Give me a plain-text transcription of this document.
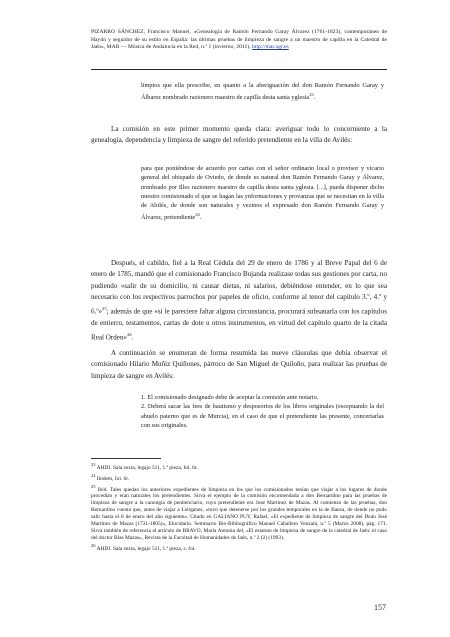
PIZARRO SÁNCHEZ, Francisco Manuel, «Genealogía de Ramón Fernando Garay Álvarez (1761-1823), contemporáneo de Haydn y seguidor de su estilo en España: las últimas pruebas de limpieza de sangre a un maestro de capilla en la Catedral de Jaén», MAR — Música de Andalucía en la Red, n.º 1 (invierno, 2011), http://mar.ugr.es
limpios que ella prescribe, en quanto a la aberiguación del don Ramón Fernando Garay y Álbarez nombrado razionero maestro de capilla desta santa yglesia$^{23}$.
La comisión en este primer momento queda clara: averiguar todo lo concerniente a la genealogía, dependencia y limpieza de sangre del referido pretendiente en la villa de Avilés:
para que poniéndose de acuerdo por cartas con el señor ordinario local o provisor y vicario general del obispado de Oviedo, de donde es natural don Ramón Fernando Garay y Álvarez, nombrado por Illes razionero maestro de capilla desta santa yglesia. [...], pueda disponer dicho nuestro comisionado el que se hagan las ynformaciones y provanzas que se necesitan en la villa de Abilés, de donde son naturales y vezinos el expresado don Ramón Fernando Garay y Álvarez, pretendiente$^{24}$.
Después, el cabildo, fiel a la Real Cédula del 29 de enero de 1786 y al Breve Papal del 6 de enero de 1785, mandó que el comisionado Francisco Bujanda realizase todas sus gestiones por carta, no pudiendo «salir de su domicilio, ni causar dietas, ni salarios, debiéndose entender, en lo que sea necesario con los respectivos parrochos por papeles de oficio, conforme al tenor del capítulo 3.º, 4.º y 6.º»$^{25}$; además de que «si le pareciere faltar alguna circunstancia, procurará subsanarla con los capítulos de entierro, testamentos, cartas de dote u otros instrumentos, en virtud del capítulo quarto de la citada Real Orden»$^{26}$.
A continuación se enumeran de forma resumida las nueve cláusulas que debía observar el comisionado Hilario Muñiz Quiñones, párroco de San Miguel de Quiloño, para realizar las pruebas de limpieza de sangre en Avilés:

1. El comisionado designado debe de aceptar la comisión ante notario.

2. Deberá sacar las fees de bautismo y desposorios de los libros originales (escepuando la del abuelo paterno que es de Murcia), en el caso de que el pretendiente las presente, concertarlas con sus originales.

$^{23}$ AHDJ. Sala sexta, legajo 511, 1.ª pieza, fol. 6r.

$^{24}$ Ibidem, fol. 6r.

$^{25}$ Ibid. Tales quedan los anteriores expedientes de limpieza en los que los comisionados tenían que viajar a los lugares de donde procedían y eran naturales los pretendientes. Sirva el ejemplo de la comisión encomendada a don Bernardino para las pruebas de limpieza de sangre a la canongía de penitenciario, cuyo pretendiente era José Martínez de Mazas. Al comienzo de las pruebas, don Bernardino cuenta que, antes de viajar a Liérganes, «tuvo que detenerse por los grandes temporales en la de Baeza, de donde no pudo salir hasta el 8 de enero del año siguiente». Citado en GALIANO PUY, Rafael, «El expediente de limpieza de sangre del Deán José Martínez de Mazas (1731-1805)», Elucidario. Seminario Bio-Bibliográfico Manuel Caballero Venzalá, n.º 5 (Marzo 2008), pág. 171. Sirva también de referencia el artículo de BRAVO, María Antonia del, «El estatuto de limpieza de sangre de la catedral de Jaén: el caso del doctor Blas Mazas», Revista de la Facultad de Humanidades de Jaén, n.º 2 (2) (1993).

$^{26}$ AHDJ. Sala sexta, legajo 511, 1.ª pieza, s. fol.

157
